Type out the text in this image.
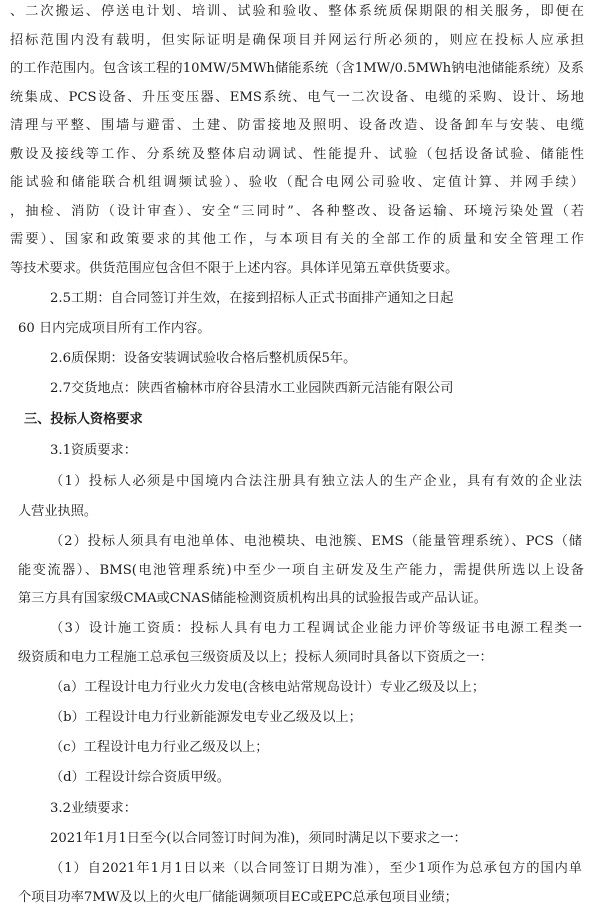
、二次搬运、停送电计划、培训、试验和验收、整体系统质保期限的相关服务，即便在
招标范围内没有载明，但实际证明是确保项目并网运行所必须的，则应在投标人应承担
的工作范围内。包含该工程的10MW/5MWh储能系统（含1MW/0.5MWh钠电池储能系统）及系
统集成、PCS设备、升压变压器、EMS系统、电气一二次设备、电缆的采购、设计、场地
清理与平整、围墙与避雷、土建、防雷接地及照明、设备改造、设备卸车与安装、电缆
敷设及接线等工作、分系统及整体启动调试、性能提升、试验（包括设备试验、储能性
能试验和储能联合机组调频试验）、验收（配合电网公司验收、定值计算、并网手续）
，抽检、消防（设计审查）、安全“三同时”、各种整改、设备运输、环境污染处置（若
需要）、国家和政策要求的其他工作，与本项目有关的全部工作的质量和安全管理工作
等技术要求。供货范围应包含但不限于上述内容。具体详见第五章供货要求。
2.5工期：自合同签订并生效，在接到招标人正式书面排产通知之日起
60 日内完成项目所有工作内容。
2.6质保期：设备安装调试验收合格后整机质保5年。
2.7交货地点：陕西省榆林市府谷县清水工业园陕西新元洁能有限公司
三、投标人资格要求
3.1资质要求：
（1）投标人必须是中国境内合法注册具有独立法人的生产企业，具有有效的企业法
人营业执照。
（2）投标人须具有电池单体、电池模块、电池簇、EMS（能量管理系统）、PCS（储
能变流器）、BMS(电池管理系统)中至少一项自主研发及生产能力，需提供所选以上设备
第三方具有国家级CMA或CNAS储能检测资质机构出具的试验报告或产品认证。
（3）设计施工资质：投标人具有电力工程调试企业能力评价等级证书电源工程类一
级资质和电力工程施工总承包三级资质及以上；投标人须同时具备以下资质之一：
（a）工程设计电力行业火力发电(含核电站常规岛设计）专业乙级及以上；
（b）工程设计电力行业新能源发电专业乙级及以上；
（c）工程设计电力行业乙级及以上；
（d）工程设计综合资质甲级。
3.2业绩要求：
2021年1月1日至今(以合同签订时间为准)，须同时满足以下要求之一：
（1）自2021年1月1日以来（以合同签订日期为准），至少1项作为总承包方的国内单
个项目功率7MW及以上的火电厂储能调频项目EC或EPC总承包项目业绩；
